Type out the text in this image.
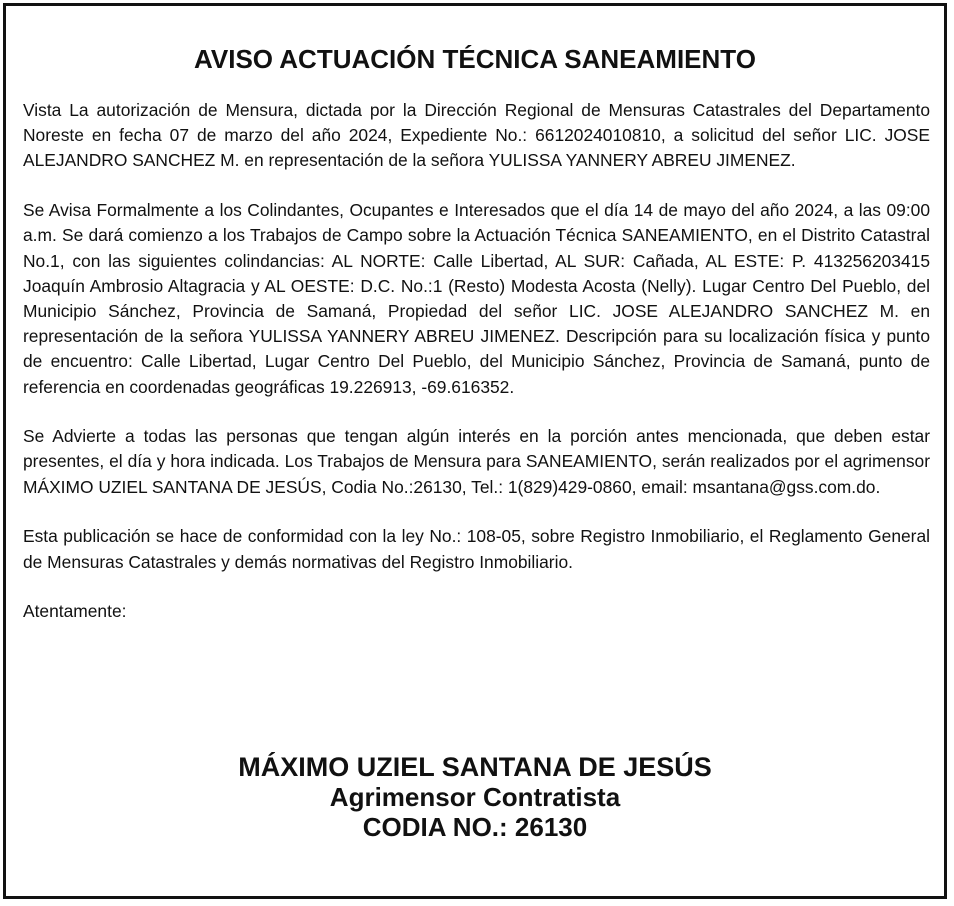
AVISO ACTUACIÓN TÉCNICA SANEAMIENTO

Vista La autorización de Mensura, dictada por la Dirección Regional de Mensuras Catastrales del Departamento Noreste en fecha 07 de marzo del año 2024, Expediente No.: 6612024010810, a solicitud del señor LIC. JOSE ALEJANDRO SANCHEZ M. en representación de la señora YULISSA YANNERY ABREU JIMENEZ.

Se Avisa Formalmente a los Colindantes, Ocupantes e Interesados que el día 14 de mayo del año 2024, a las 09:00 a.m. Se dará comienzo a los Trabajos de Campo sobre la Actuación Técnica SANEAMIENTO, en el Distrito Catastral No.1, con las siguientes colindancias: AL NORTE: Calle Libertad, AL SUR: Cañada, AL ESTE: P. 413256203415 Joaquín Ambrosio Altagracia y AL OESTE: D.C. No.:1 (Resto) Modesta Acosta (Nelly). Lugar Centro Del Pueblo, del Municipio Sánchez, Provincia de Samaná, Propiedad del señor LIC. JOSE ALEJANDRO SANCHEZ M. en representación de la señora YULISSA YANNERY ABREU JIMENEZ. Descripción para su localización física y punto de encuentro: Calle Libertad, Lugar Centro Del Pueblo, del Municipio Sánchez, Provincia de Samaná, punto de referencia en coordenadas geográficas 19.226913, -69.616352.

Se Advierte a todas las personas que tengan algún interés en la porción antes mencionada, que deben estar presentes, el día y hora indicada. Los Trabajos de Mensura para SANEAMIENTO, serán realizados por el agrimensor MÁXIMO UZIEL SANTANA DE JESÚS, Codia No.:26130, Tel.: 1(829)429-0860, email: msantana@gss.com.do.

Esta publicación se hace de conformidad con la ley No.: 108-05, sobre Registro Inmobiliario, el Reglamento General de Mensuras Catastrales y demás normativas del Registro Inmobiliario.

Atentamente:

MÁXIMO UZIEL SANTANA DE JESÚS
Agrimensor Contratista
CODIA NO.: 26130
